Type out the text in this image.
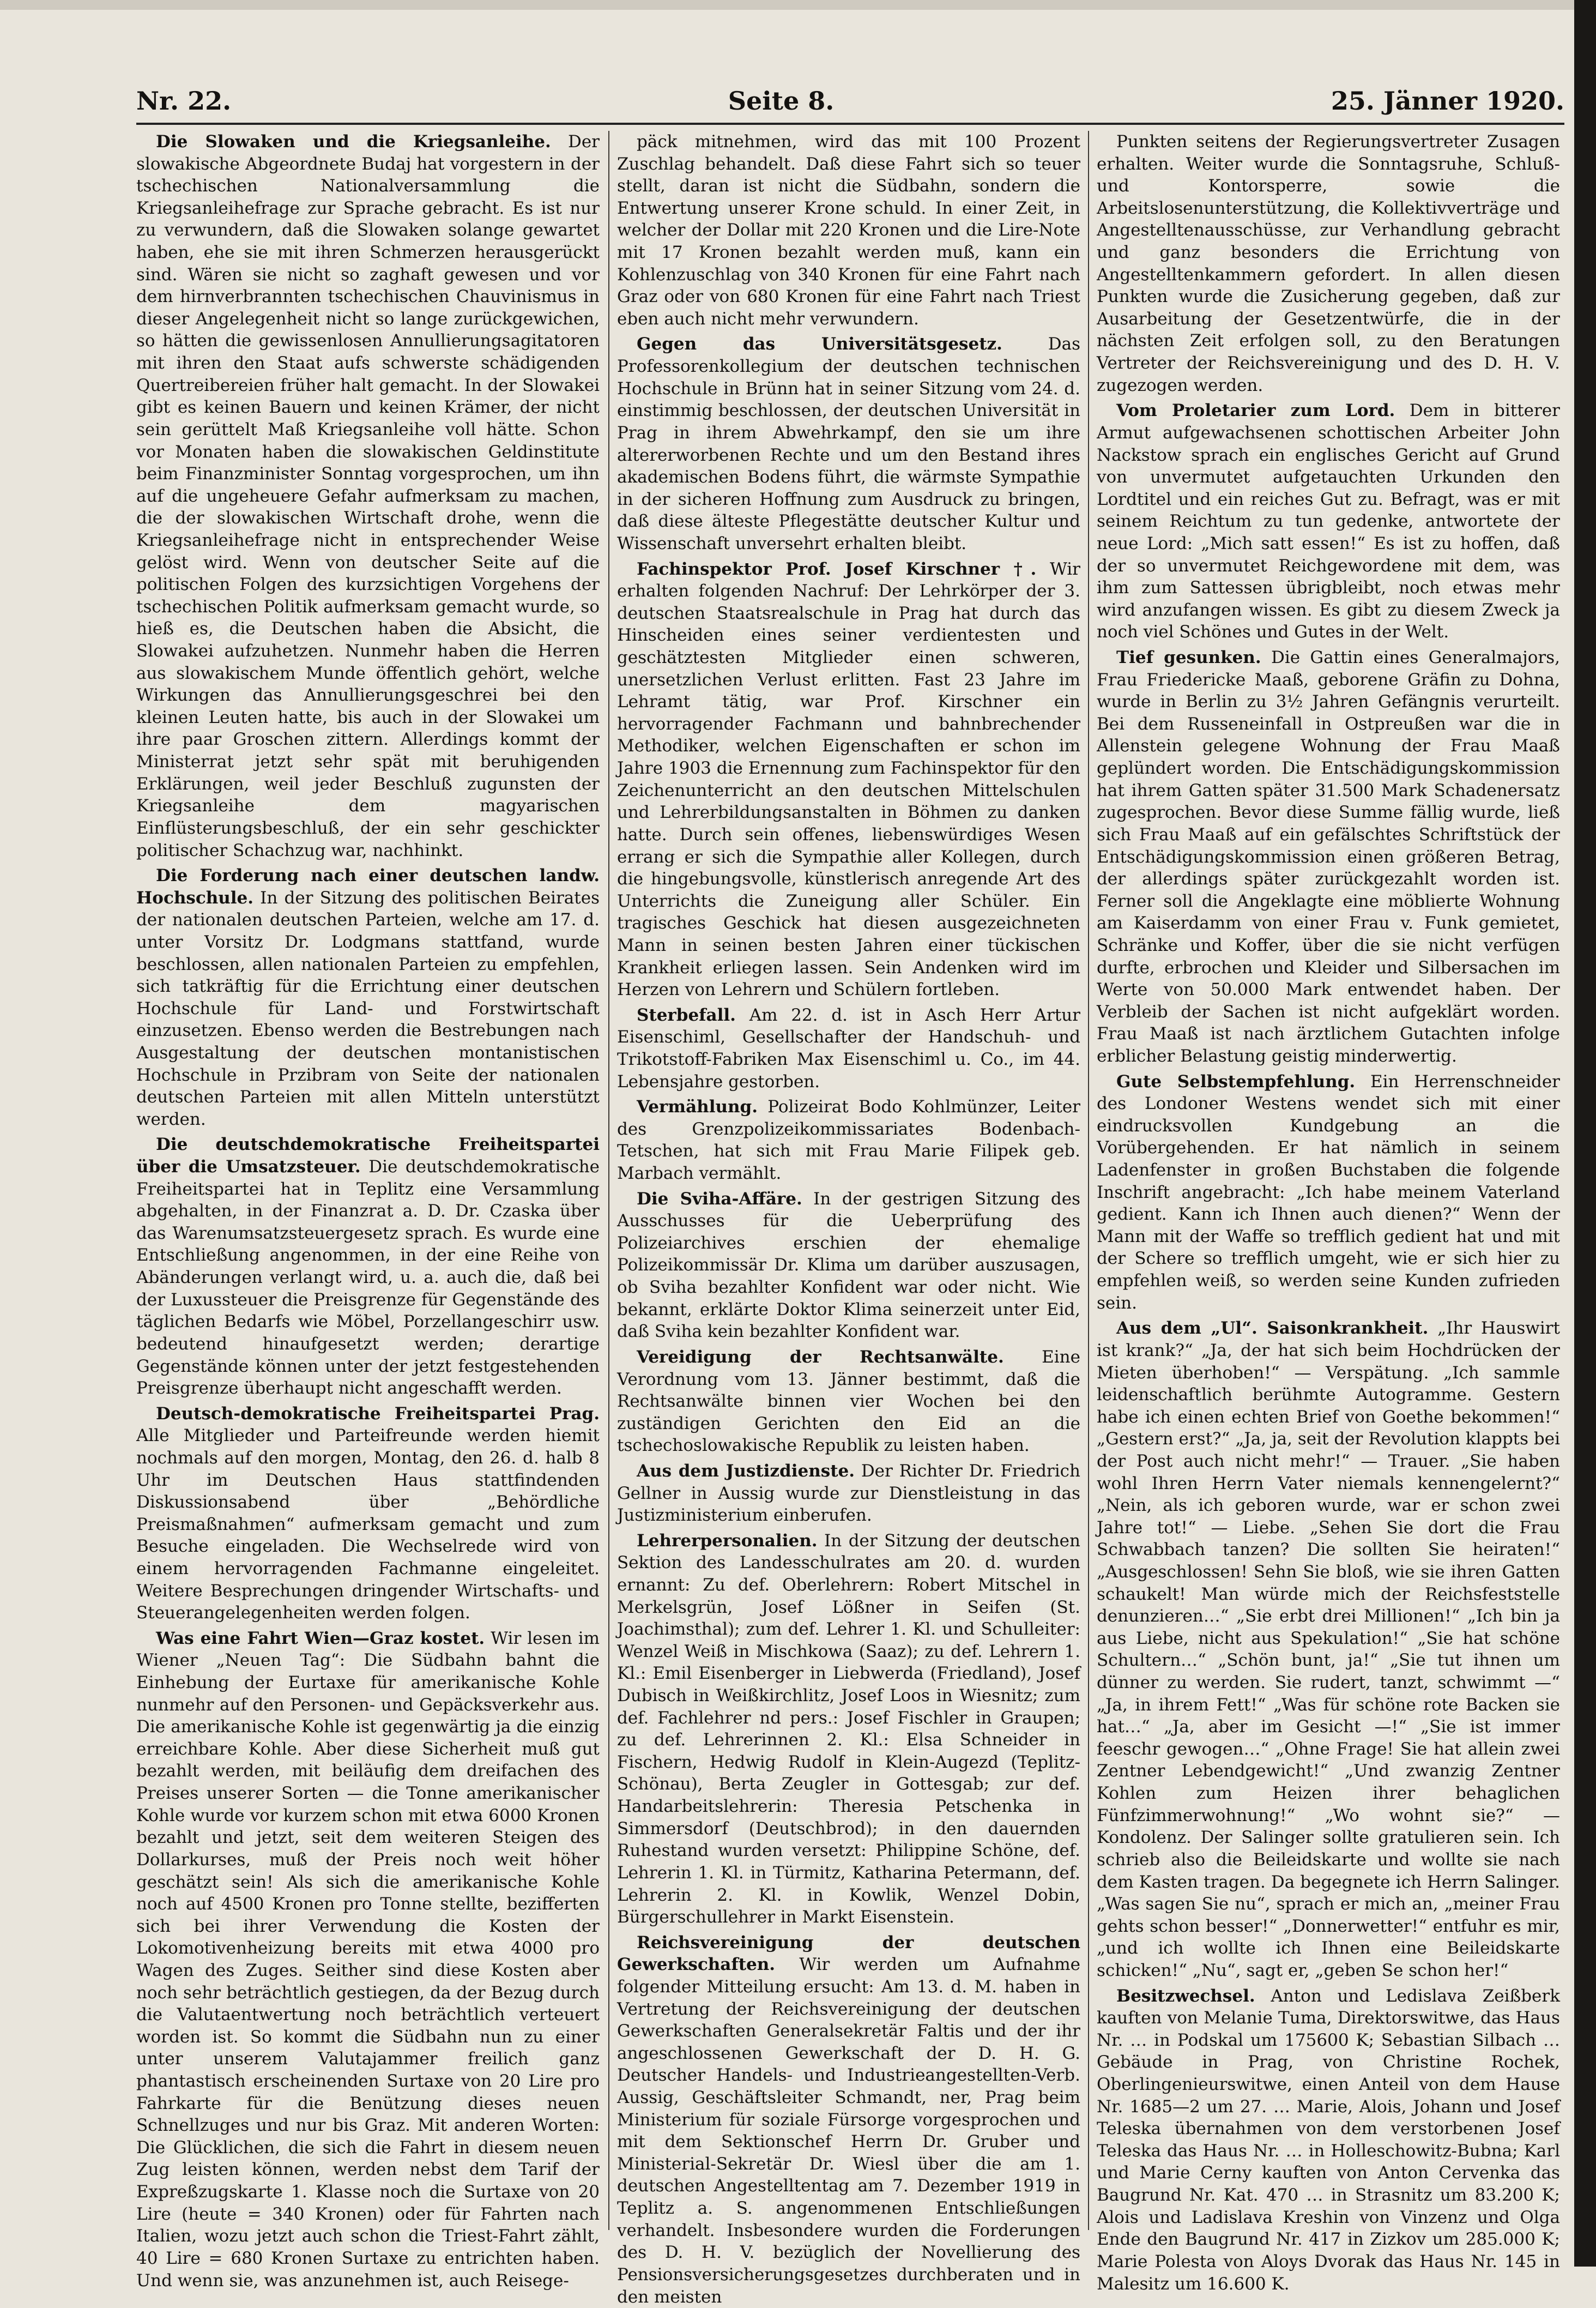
Nr. 22.	Seite 8.	25. Jänner 1920.

Die Slowaken und die Kriegsanleihe. Der slowakische Abgeordnete Budaj hat vorgestern in der tschechischen Nationalversammlung die Kriegsanleihefrage zur Sprache gebracht. Es ist nur zu verwundern, daß die Slowaken solange gewartet haben, ehe sie mit ihren Schmerzen herausgerückt sind. Wären sie nicht so zaghaft gewesen und vor dem hirnverbrannten tschechischen Chauvinismus in dieser Angelegenheit nicht so lange zurückgewichen, so hätten die gewissenlosen Annullierungsagitatoren mit ihren den Staat aufs schwerste schädigenden Quertreibereien früher halt gemacht. In der Slowakei gibt es keinen Bauern und keinen Krämer, der nicht sein gerüttelt Maß Kriegsanleihe voll hätte. Schon vor Monaten haben die slowakischen Geldinstitute beim Finanzminister Sonntag vorgesprochen, um ihn auf die ungeheuere Gefahr aufmerksam zu machen, die der slowakischen Wirtschaft drohe, wenn die Kriegsanleihefrage nicht in entsprechender Weise gelöst wird. Wenn von deutscher Seite auf die politischen Folgen des kurzsichtigen Vorgehens der tschechischen Politik aufmerksam gemacht wurde, so hieß es, die Deutschen haben die Absicht, die Slowakei aufzuhetzen. Nunmehr haben die Herren aus slowakischem Munde öffentlich gehört, welche Wirkungen das Annullierungsgeschrei bei den kleinen Leuten hatte, bis auch in der Slowakei um ihre paar Groschen zittern. Allerdings kommt der Ministerrat jetzt sehr spät mit beruhigenden Erklärungen, weil jeder Beschluß zugunsten der Kriegsanleihe dem magyarischen Einflüsterungsbeschluß, der ein sehr geschickter politischer Schachzug war, nachhinkt.

Die Forderung nach einer deutschen landw. Hochschule. In der Sitzung des politischen Beirates der nationalen deutschen Parteien, welche am 17. d. unter Vorsitz Dr. Lodgmans stattfand, wurde beschlossen, allen nationalen Parteien zu empfehlen, sich tatkräftig für die Errichtung einer deutschen Hochschule für Land- und Forstwirtschaft einzusetzen. Ebenso werden die Bestrebungen nach Ausgestaltung der deutschen montanistischen Hochschule in Przibram von Seite der nationalen deutschen Parteien mit allen Mitteln unterstützt werden.

Die deutschdemokratische Freiheitspartei über die Umsatzsteuer. Die deutschdemokratische Freiheitspartei hat in Teplitz eine Versammlung abgehalten, in der Finanzrat a. D. Dr. Czaska über das Warenumsatzsteuergesetz sprach. Es wurde eine Entschließung angenommen, in der eine Reihe von Abänderungen verlangt wird, u. a. auch die, daß bei der Luxussteuer die Preisgrenze für Gegenstände des täglichen Bedarfs wie Möbel, Porzellangeschirr usw. bedeutend hinaufgesetzt werden; derartige Gegenstände können unter der jetzt festgestehenden Preisgrenze überhaupt nicht angeschafft werden.

Deutsch-demokratische Freiheitspartei Prag. Alle Mitglieder und Parteifreunde werden hiemit nochmals auf den morgen, Montag, den 26. d. halb 8 Uhr im Deutschen Haus stattfindenden Diskussionsabend über „Behördliche Preismaßnahmen“ aufmerksam gemacht und zum Besuche eingeladen. Die Wechselrede wird von einem hervorragenden Fachmanne eingeleitet. Weitere Besprechungen dringender Wirtschafts- und Steuerangelegenheiten werden folgen.

Was eine Fahrt Wien—Graz kostet. Wir lesen im Wiener „Neuen Tag“: Die Südbahn bahnt die Einhebung der Eurtaxe für amerikanische Kohle nunmehr auf den Personen- und Gepäcksverkehr aus. Die amerikanische Kohle ist gegenwärtig ja die einzig erreichbare Kohle. Aber diese Sicherheit muß gut bezahlt werden, mit beiläufig dem dreifachen des Preises unserer Sorten — die Tonne amerikanischer Kohle wurde vor kurzem schon mit etwa 6000 Kronen bezahlt und jetzt, seit dem weiteren Steigen des Dollarkurses, muß der Preis noch weit höher geschätzt sein! Als sich die amerikanische Kohle noch auf 4500 Kronen pro Tonne stellte, bezifferten sich bei ihrer Verwendung die Kosten der Lokomotivenheizung bereits mit etwa 4000 pro Wagen des Zuges. Seither sind diese Kosten aber noch sehr beträchtlich gestiegen, da der Bezug durch die Valutaentwertung noch beträchtlich verteuert worden ist. So kommt die Südbahn nun zu einer unter unserem Valutajammer freilich ganz phantastisch erscheinenden Surtaxe von 20 Lire pro Fahrkarte für die Benützung dieses neuen Schnellzuges und nur bis Graz. Mit anderen Worten: Die Glücklichen, die sich die Fahrt in diesem neuen Zug leisten können, werden nebst dem Tarif der Expreßzugskarte 1. Klasse noch die Surtaxe von 20 Lire (heute = 340 Kronen) oder für Fahrten nach Italien, wozu jetzt auch schon die Triest-Fahrt zählt, 40 Lire = 680 Kronen Surtaxe zu entrichten haben. Und wenn sie, was anzunehmen ist, auch Reisege-

päck mitnehmen, wird das mit 100 Prozent Zuschlag behandelt. Daß diese Fahrt sich so teuer stellt, daran ist nicht die Südbahn, sondern die Entwertung unserer Krone schuld. In einer Zeit, in welcher der Dollar mit 220 Kronen und die Lire-Note mit 17 Kronen bezahlt werden muß, kann ein Kohlenzuschlag von 340 Kronen für eine Fahrt nach Graz oder von 680 Kronen für eine Fahrt nach Triest eben auch nicht mehr verwundern.

Gegen das Universitätsgesetz.	Das Professorenkollegium der deutschen technischen Hochschule in Brünn hat in seiner Sitzung vom 24. d. einstimmig beschlossen, der deutschen Universität in Prag in ihrem Abwehrkampf, den sie um ihre altererworbenen Rechte und um den Bestand ihres akademischen Bodens führt, die wärmste Sympathie in der sicheren Hoffnung zum Ausdruck zu bringen, daß diese älteste Pflegestätte deutscher Kultur und Wissenschaft unversehrt erhalten bleibt.

Fachinspektor Prof. Josef Kirschner †. Wir erhalten folgenden Nachruf: Der Lehrkörper der 3. deutschen Staatsrealschule in Prag hat durch das Hinscheiden eines seiner verdientesten und geschätztesten Mitglieder einen schweren, unersetzlichen Verlust erlitten. Fast 23 Jahre im Lehramt tätig, war Prof. Kirschner ein hervorragender Fachmann und bahnbrechender Methodiker, welchen Eigenschaften er schon im Jahre 1903 die Ernennung zum Fachinspektor für den Zeichenunterricht an den deutschen Mittelschulen und Lehrerbildungsanstalten in Böhmen zu danken hatte. Durch sein offenes, liebenswürdiges Wesen errang er sich die Sympathie aller Kollegen, durch die hingebungsvolle, künstlerisch anregende Art des Unterrichts die Zuneigung aller Schüler. Ein tragisches Geschick hat diesen ausgezeichneten Mann in seinen besten Jahren einer tückischen Krankheit erliegen lassen. Sein Andenken wird im Herzen von Lehrern und Schülern fortleben.

Sterbefall. Am 22. d. ist in Asch Herr Artur Eisenschiml, Gesellschafter der Handschuh- und Trikotstoff-Fabriken Max Eisenschiml u. Co., im 44. Lebensjahre gestorben.

Vermählung. Polizeirat Bodo Kohlmünzer, Leiter des Grenzpolizeikommissariates Bodenbach-Tetschen, hat sich mit Frau Marie Filipek geb. Marbach vermählt.

Die Sviha-Affäre. In der gestrigen Sitzung des Ausschusses für die Ueberprüfung des Polizeiarchives erschien der ehemalige Polizeikommissär Dr. Klima um darüber auszusagen, ob Sviha bezahlter Konfident war oder nicht. Wie bekannt, erklärte Doktor Klima seinerzeit unter Eid, daß Sviha kein bezahlter Konfident war.

Vereidigung der Rechtsanwälte. Eine Verordnung vom 13. Jänner bestimmt, daß die Rechtsanwälte binnen vier Wochen bei den zuständigen Gerichten den Eid an die tschechoslowakische Republik zu leisten haben.

Aus dem Justizdienste. Der Richter Dr. Friedrich Gellner in Aussig wurde zur Dienstleistung in das Justizministerium einberufen.

Lehrerpersonalien. In der Sitzung der deutschen Sektion des Landesschulrates am 20. d. wurden ernannt: Zu def. Oberlehrern: Robert Mitschel in Merkelsgrün, Josef Lößner in Seifen (St. Joachimsthal); zum def. Lehrer 1. Kl. und Schulleiter: Wenzel Weiß in Mischkowa (Saaz); zu def. Lehrern 1. Kl.: Emil Eisenberger in Liebwerda (Friedland), Josef Dubisch in Weißkirchlitz, Josef Loos in Wiesnitz; zum def. Fachlehrer nd pers.: Josef Fischler in Graupen; zu def. Lehrerinnen 2. Kl.: Elsa Schneider in Fischern, Hedwig Rudolf in Klein-Augezd (Teplitz-Schönau), Berta Zeugler in Gottesgab; zur def. Handarbeitslehrerin: Theresia Petschenka in Simmersdorf (Deutschbrod); in den dauernden Ruhestand wurden versetzt: Philippine Schöne, def. Lehrerin 1. Kl. in Türmitz, Katharina Petermann, def. Lehrerin 2. Kl. in Kowlik, Wenzel Dobin, Bürgerschullehrer in Markt Eisenstein.

Reichsvereinigung der deutschen Gewerkschaften. Wir werden um Aufnahme folgender Mitteilung ersucht: Am 13. d. M. haben in Vertretung der Reichsvereinigung der deutschen Gewerkschaften Generalsekretär Faltis und der ihr angeschlossenen Gewerkschaft der D. H. G. Deutscher Handels- und Industrieangestellten-Verb. Aussig, Geschäftsleiter Schmandt, ner, Prag beim Ministerium für soziale Fürsorge vorgesprochen und mit dem Sektionschef Herrn Dr. Gruber und Ministerial-Sekretär Dr. Wiesl über die am 1. deutschen Angestelltentag am 7. Dezember 1919 in Teplitz a. S. angenommenen Entschließungen verhandelt. Insbesondere wurden die Forderungen des D. H. V. bezüglich der Novellierung des Pensionsversicherungsgesetzes durchberaten und in den meisten

Punkten seitens der Regierungsvertreter Zusagen erhalten. Weiter wurde die Sonntagsruhe, Schluß- und Kontorsperre, sowie die Arbeitslosenunterstützung, die Kollektivverträge und Angestelltenausschüsse, zur Verhandlung gebracht und ganz besonders die Errichtung von Angestelltenkammern gefordert. In allen diesen Punkten wurde die Zusicherung gegeben, daß zur Ausarbeitung der Gesetzentwürfe, die in der nächsten Zeit erfolgen soll, zu den Beratungen Vertreter der Reichsvereinigung und des D. H. V. zugezogen werden.

Vom Proletarier zum Lord. Dem in bitterer Armut aufgewachsenen schottischen Arbeiter John Nackstow sprach ein englisches Gericht auf Grund von unvermutet aufgetauchten Urkunden den Lordtitel und ein reiches Gut zu. Befragt, was er mit seinem Reichtum zu tun gedenke, antwortete der neue Lord: „Mich satt essen!“ Es ist zu hoffen, daß der so unvermutet Reichgewordene mit dem, was ihm zum Sattessen übrigbleibt, noch etwas mehr wird anzufangen wissen. Es gibt zu diesem Zweck ja noch viel Schönes und Gutes in der Welt.

Tief gesunken. Die Gattin eines Generalmajors, Frau Friedericke Maaß, geborene Gräfin zu Dohna, wurde in Berlin zu 3½ Jahren Gefängnis verurteilt. Bei dem Russeneinfall in Ostpreußen war die in Allenstein gelegene Wohnung der Frau Maaß geplündert worden. Die Entschädigungskommission hat ihrem Gatten später 31.500 Mark Schadenersatz zugesprochen. Bevor diese Summe fällig wurde, ließ sich Frau Maaß auf ein gefälschtes Schriftstück der Entschädigungskommission einen größeren Betrag, der allerdings später zurückgezahlt worden ist. Ferner soll die Angeklagte eine möblierte Wohnung am Kaiserdamm von einer Frau v. Funk gemietet, Schränke und Koffer, über die sie nicht verfügen durfte, erbrochen und Kleider und Silbersachen im Werte von 50.000 Mark entwendet haben. Der Verbleib der Sachen ist nicht aufgeklärt worden. Frau Maaß ist nach ärztlichem Gutachten infolge erblicher Belastung geistig minderwertig.

Gute Selbstempfehlung. Ein Herrenschneider des Londoner Westens wendet sich mit einer eindrucksvollen Kundgebung an die Vorübergehenden. Er hat nämlich in seinem Ladenfenster in großen Buchstaben die folgende Inschrift angebracht: „Ich habe meinem Vaterland gedient. Kann ich Ihnen auch dienen?“ Wenn der Mann mit der Waffe so trefflich gedient hat und mit der Schere so trefflich umgeht, wie er sich hier zu empfehlen weiß, so werden seine Kunden zufrieden sein.

Aus dem „Ul“. Saisonkrankheit. „Ihr Hauswirt ist krank?“ „Ja, der hat sich beim Hochdrücken der Mieten überhoben!“ — Verspätung. „Ich sammle leidenschaftlich berühmte Autogramme. Gestern habe ich einen echten Brief von Goethe bekommen!“ „Gestern erst?“ „Ja, ja, seit der Revolution klappts bei der Post auch nicht mehr!“ — Trauer. „Sie haben wohl Ihren Herrn Vater niemals kennengelernt?“ „Nein, als ich geboren wurde, war er schon zwei Jahre tot!“ — Liebe. „Sehen Sie dort die Frau Schwabbach tanzen? Die sollten Sie heiraten!“ „Ausgeschlossen! Sehn Sie bloß, wie sie ihren Gatten schaukelt! Man würde mich der Reichsfeststelle denunzieren…“ „Sie erbt drei Millionen!“ „Ich bin ja aus Liebe, nicht aus Spekulation!“ „Sie hat schöne Schultern…“ „Schön bunt, ja!“ „Sie tut ihnen um dünner zu werden. Sie rudert, tanzt, schwimmt —“ „Ja, in ihrem Fett!“ „Was für schöne rote Backen sie hat…“ „Ja, aber im Gesicht —!“ „Sie ist immer feeschr gewogen…“ „Ohne Frage! Sie hat allein zwei Zentner Lebendgewicht!“ „Und zwanzig Zentner Kohlen zum Heizen ihrer behaglichen Fünfzimmerwohnung!“ „Wo wohnt sie?“ — Kondolenz. Der Salinger sollte gratulieren sein. Ich schrieb also die Beileidskarte und wollte sie nach dem Kasten tragen. Da begegnete ich Herrn Salinger. „Was sagen Sie nu“, sprach er mich an, „meiner Frau gehts schon besser!“ „Donnerwetter!“ entfuhr es mir, „und ich wollte ich Ihnen eine Beileidskarte schicken!“ „Nu“, sagt er, „geben Se schon her!“

Besitzwechsel. Anton und Ledislava Zeißberk kauften von Melanie Tuma, Direktorswitwe, das Haus Nr. … in Podskal um 175600 K; Sebastian Silbach … Gebäude in Prag, von Christine Rochek, Oberlingenieurswitwe, einen Anteil von dem Hause Nr. 1685—2 um 27. … Marie, Alois, Johann und Josef Teleska übernahmen von dem verstorbenen Josef Teleska das Haus Nr. … in Holleschowitz-Bubna; Karl und Marie Cerny kauften von Anton Cervenka das Baugrund Nr. Kat. 470 … in Strasnitz um 83.200 K; Alois und Ladislava Kreshin von Vinzenz und Olga Ende den Baugrund Nr. 417 in Zizkov um 285.000 K; Marie Polesta von Aloys Dvorak das Haus Nr. 145 in Malesitz um 16.600 K.
